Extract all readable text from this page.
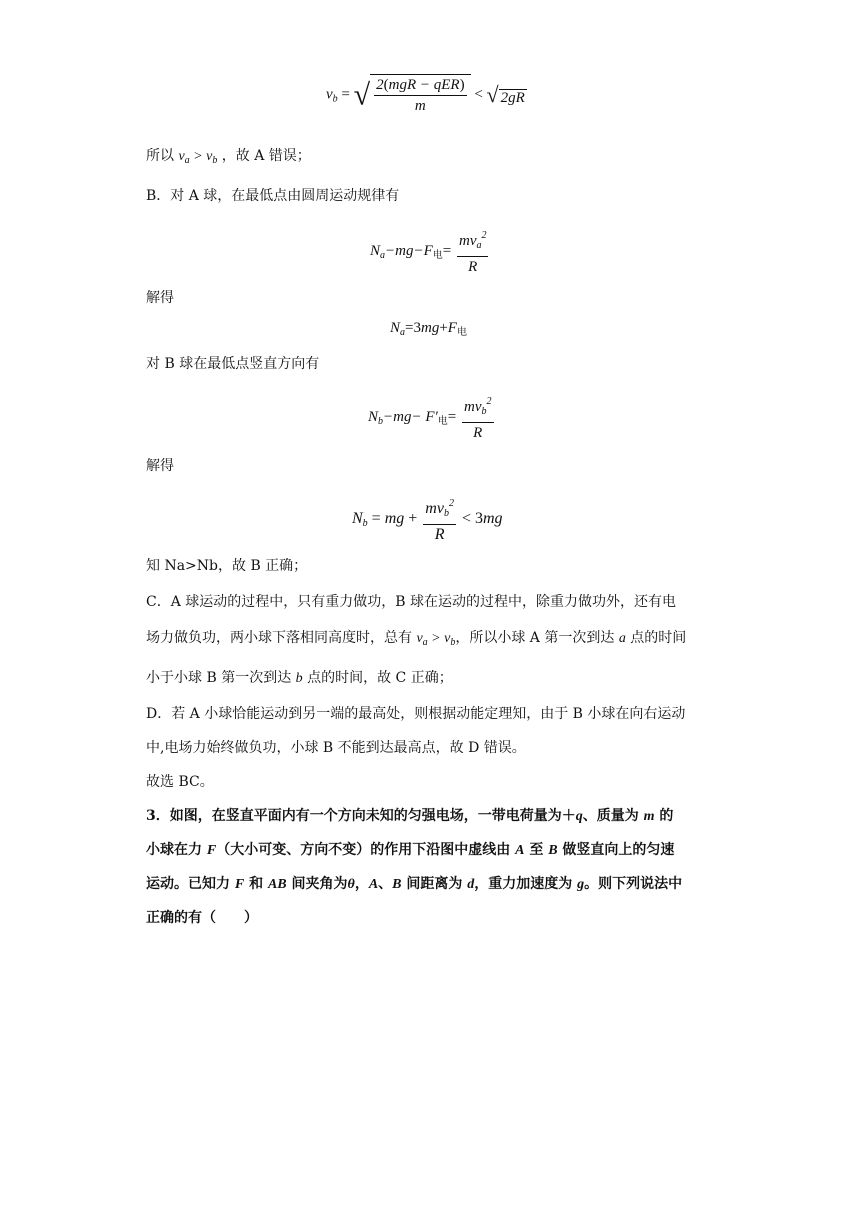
$v_b$ = √ $\frac{\text{2(mgR − qER)}}{m}$ < √ 2gR
所以 $v_a > v_b$ ，故 A 错误；
B．对 A 球，在最低点由圆周运动规律有
$N_a-mg-F_电= \frac{mv_a^2}{R}$
解得
$N_a=3mg+F_电$
对 B 球在最低点竖直方向有
$N_b-mg- F'_电= \frac{mv_b^2}{R}$
解得
$N_b$ = mg + $\frac{mv_b^2}{R} < 3mg$
知 Na>Nb，故 B 正确；
C．A 球运动的过程中，只有重力做功，B 球在运动的过程中，除重力做功外，还有电
场力做负功，两小球下落相同高度时，总有 $v_a > v_b$，所以小球 A 第一次到达 a 点的时间
小于小球 B 第一次到达 b 点的时间，故 C 正确；
D．若 A 小球恰能运动到另一端的最高处，则根据动能定理知，由于 B 小球在向右运动
中,电场力始终做负功，小球 B 不能到达最高点，故 D 错误。
故选 BC。
3．如图，在竖直平面内有一个方向未知的匀强电场，一带电荷量为＋q、质量为 m 的
小球在力 F（大小可变、方向不变）的作用下沿图中虚线由 A 至 B 做竖直向上的匀速
运动。已知力 F 和 AB 间夹角为θ，A、B 间距离为 d，重力加速度为 g。则下列说法中
正确的有（　　）
